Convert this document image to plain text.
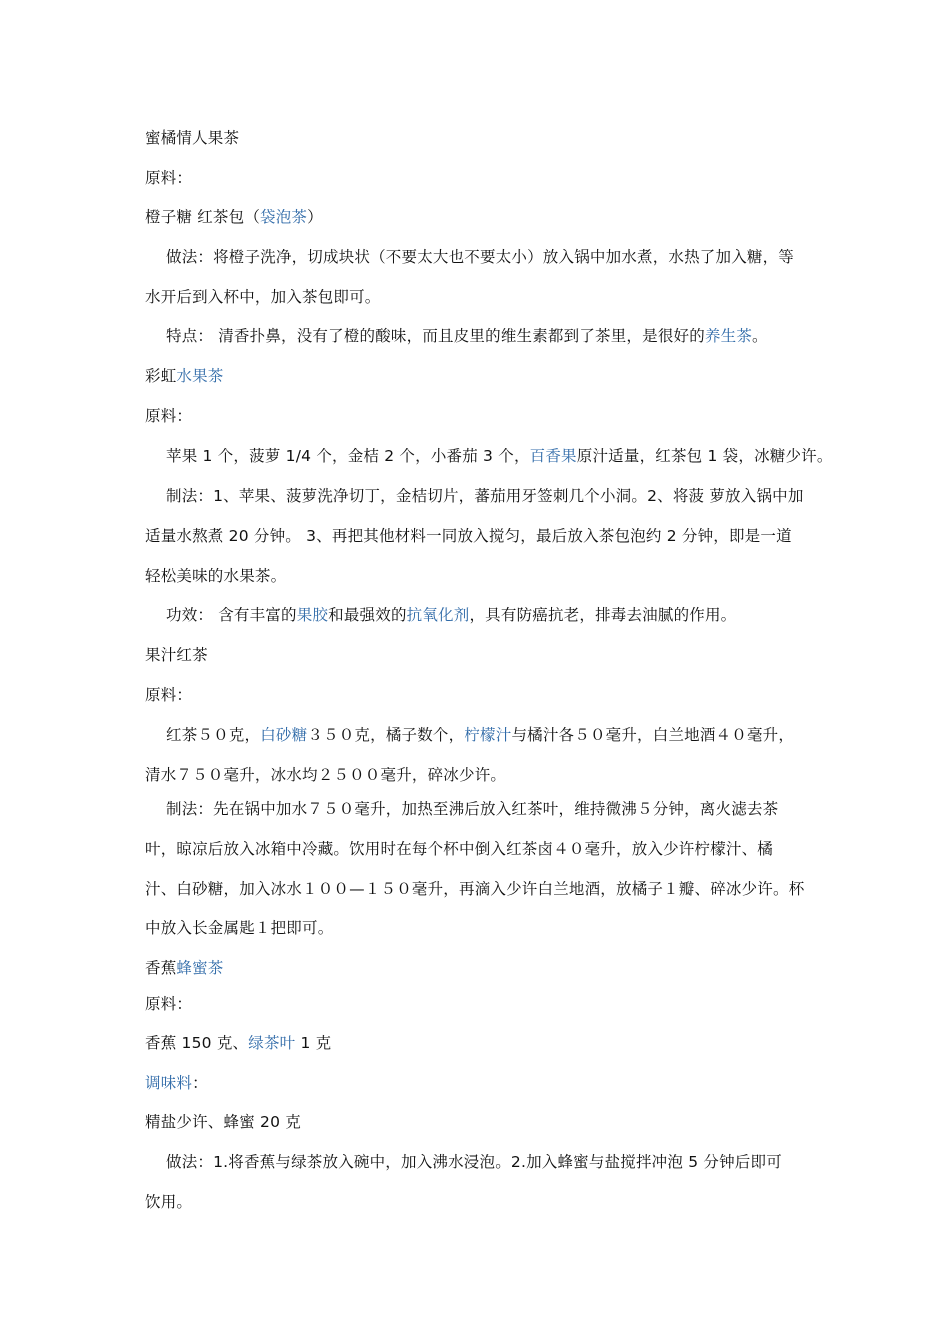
蜜橘情人果茶
原料：
橙子糖 红茶包（袋泡茶）
做法：将橙子洗净，切成块状（不要太大也不要太小）放入锅中加水煮，水热了加入糖，等
水开后到入杯中，加入茶包即可。
特点： 清香扑鼻，没有了橙的酸味，而且皮里的维生素都到了茶里，是很好的养生茶。
彩虹水果茶
原料：
苹果 1 个，菠萝 1/4 个，金桔 2 个，小番茄 3 个，百香果原汁适量，红茶包 1 袋，冰糖少许。
制法：1、苹果、菠萝洗净切丁，金桔切片，蕃茄用牙签刺几个小洞。2、将菠 萝放入锅中加
适量水熬煮 20 分钟。 3、再把其他材料一同放入搅匀，最后放入茶包泡约 2 分钟，即是一道
轻松美味的水果茶。
功效： 含有丰富的果胶和最强效的抗氧化剂，具有防癌抗老，排毒去油腻的作用。
果汁红茶
原料：
红茶５０克，白砂糖３５０克，橘子数个，柠檬汁与橘汁各５０毫升，白兰地酒４０毫升，
清水７５０毫升，冰水均２５００毫升，碎冰少许。
制法：先在锅中加水７５０毫升，加热至沸后放入红茶叶，维持微沸５分钟，离火滤去茶
叶，晾凉后放入冰箱中冷藏。饮用时在每个杯中倒入红茶卤４０毫升，放入少许柠檬汁、橘
汁、白砂糖，加入冰水１００—１５０毫升，再滴入少许白兰地酒，放橘子１瓣、碎冰少许。杯
中放入长金属匙１把即可。
香蕉蜂蜜茶
原料：
香蕉 150 克、绿茶叶 1 克
调味料：
精盐少许、蜂蜜 20 克
做法：1.将香蕉与绿茶放入碗中，加入沸水浸泡。2.加入蜂蜜与盐搅拌冲泡 5 分钟后即可
饮用。
